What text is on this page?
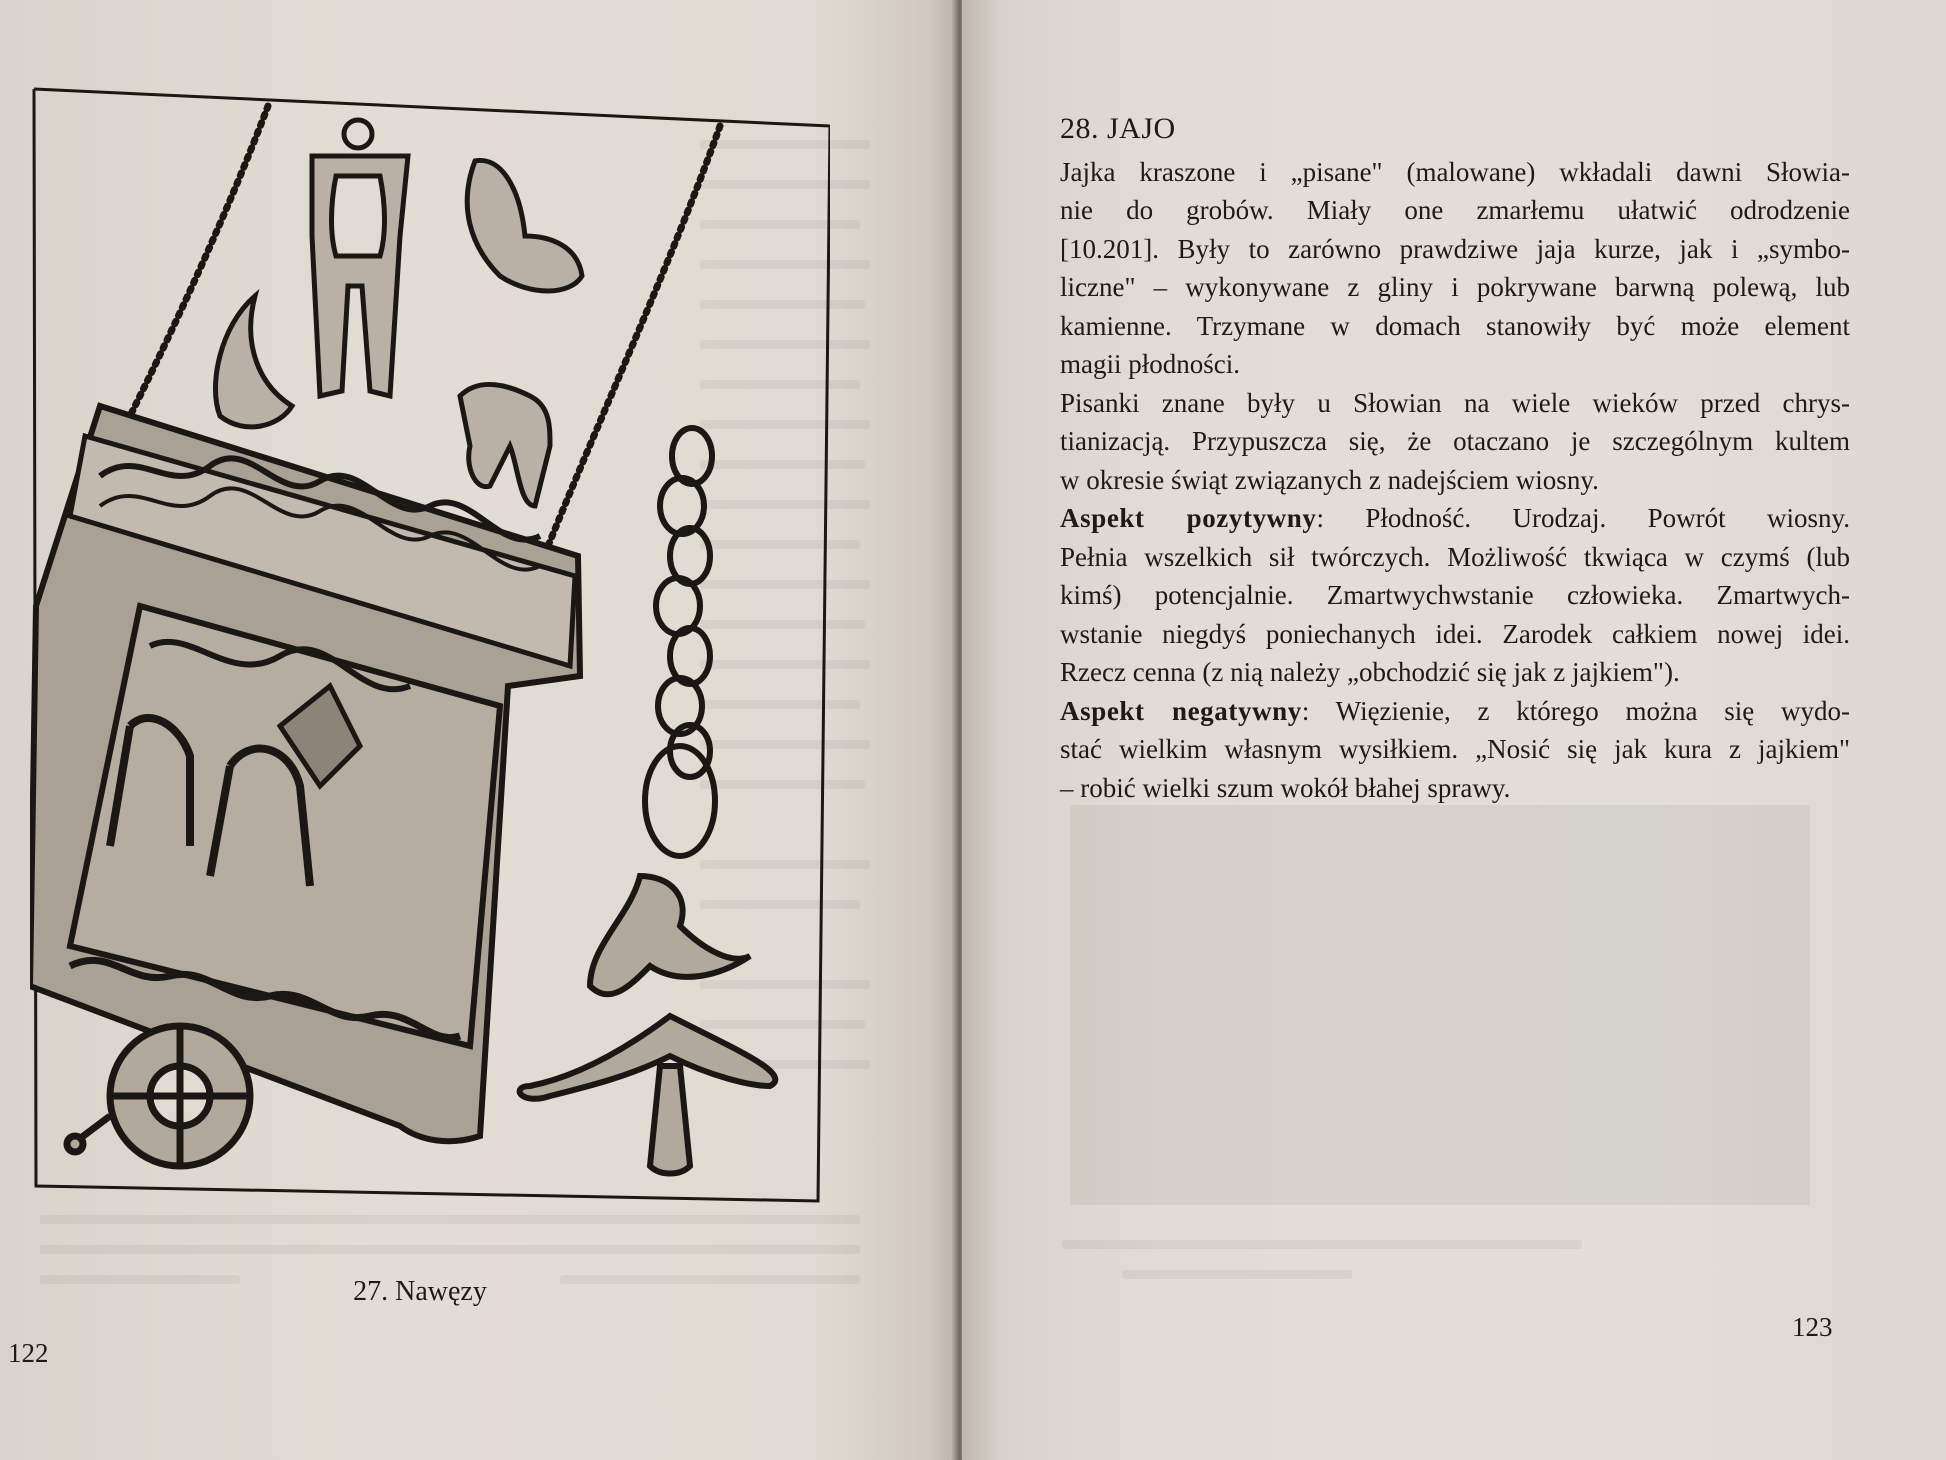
27. Nawęzy
122
123
28. JAJO

Jajka kraszone i „pisane" (malowane) wkładali dawni Słowia-
nie do grobów. Miały one zmarłemu ułatwić odrodzenie
[10.201]. Były to zarówno prawdziwe jaja kurze, jak i „symbo-
liczne" – wykonywane z gliny i pokrywane barwną polewą, lub
kamienne. Trzymane w domach stanowiły być może element
magii płodności.

Pisanki znane były u Słowian na wiele wieków przed chrys-
tianizacją. Przypuszcza się, że otaczano je szczególnym kultem
w okresie świąt związanych z nadejściem wiosny.

Aspekt pozytywny: Płodność. Urodzaj. Powrót wiosny.
Pełnia wszelkich sił twórczych. Możliwość tkwiąca w czymś (lub
kimś) potencjalnie. Zmartwychwstanie człowieka. Zmartwych-
wstanie niegdyś poniechanych idei. Zarodek całkiem nowej idei.
Rzecz cenna (z nią należy „obchodzić się jak z jajkiem").

Aspekt negatywny: Więzienie, z którego można się wydo-
stać wielkim własnym wysiłkiem. „Nosić się jak kura z jajkiem"
– robić wielki szum wokół błahej sprawy.
